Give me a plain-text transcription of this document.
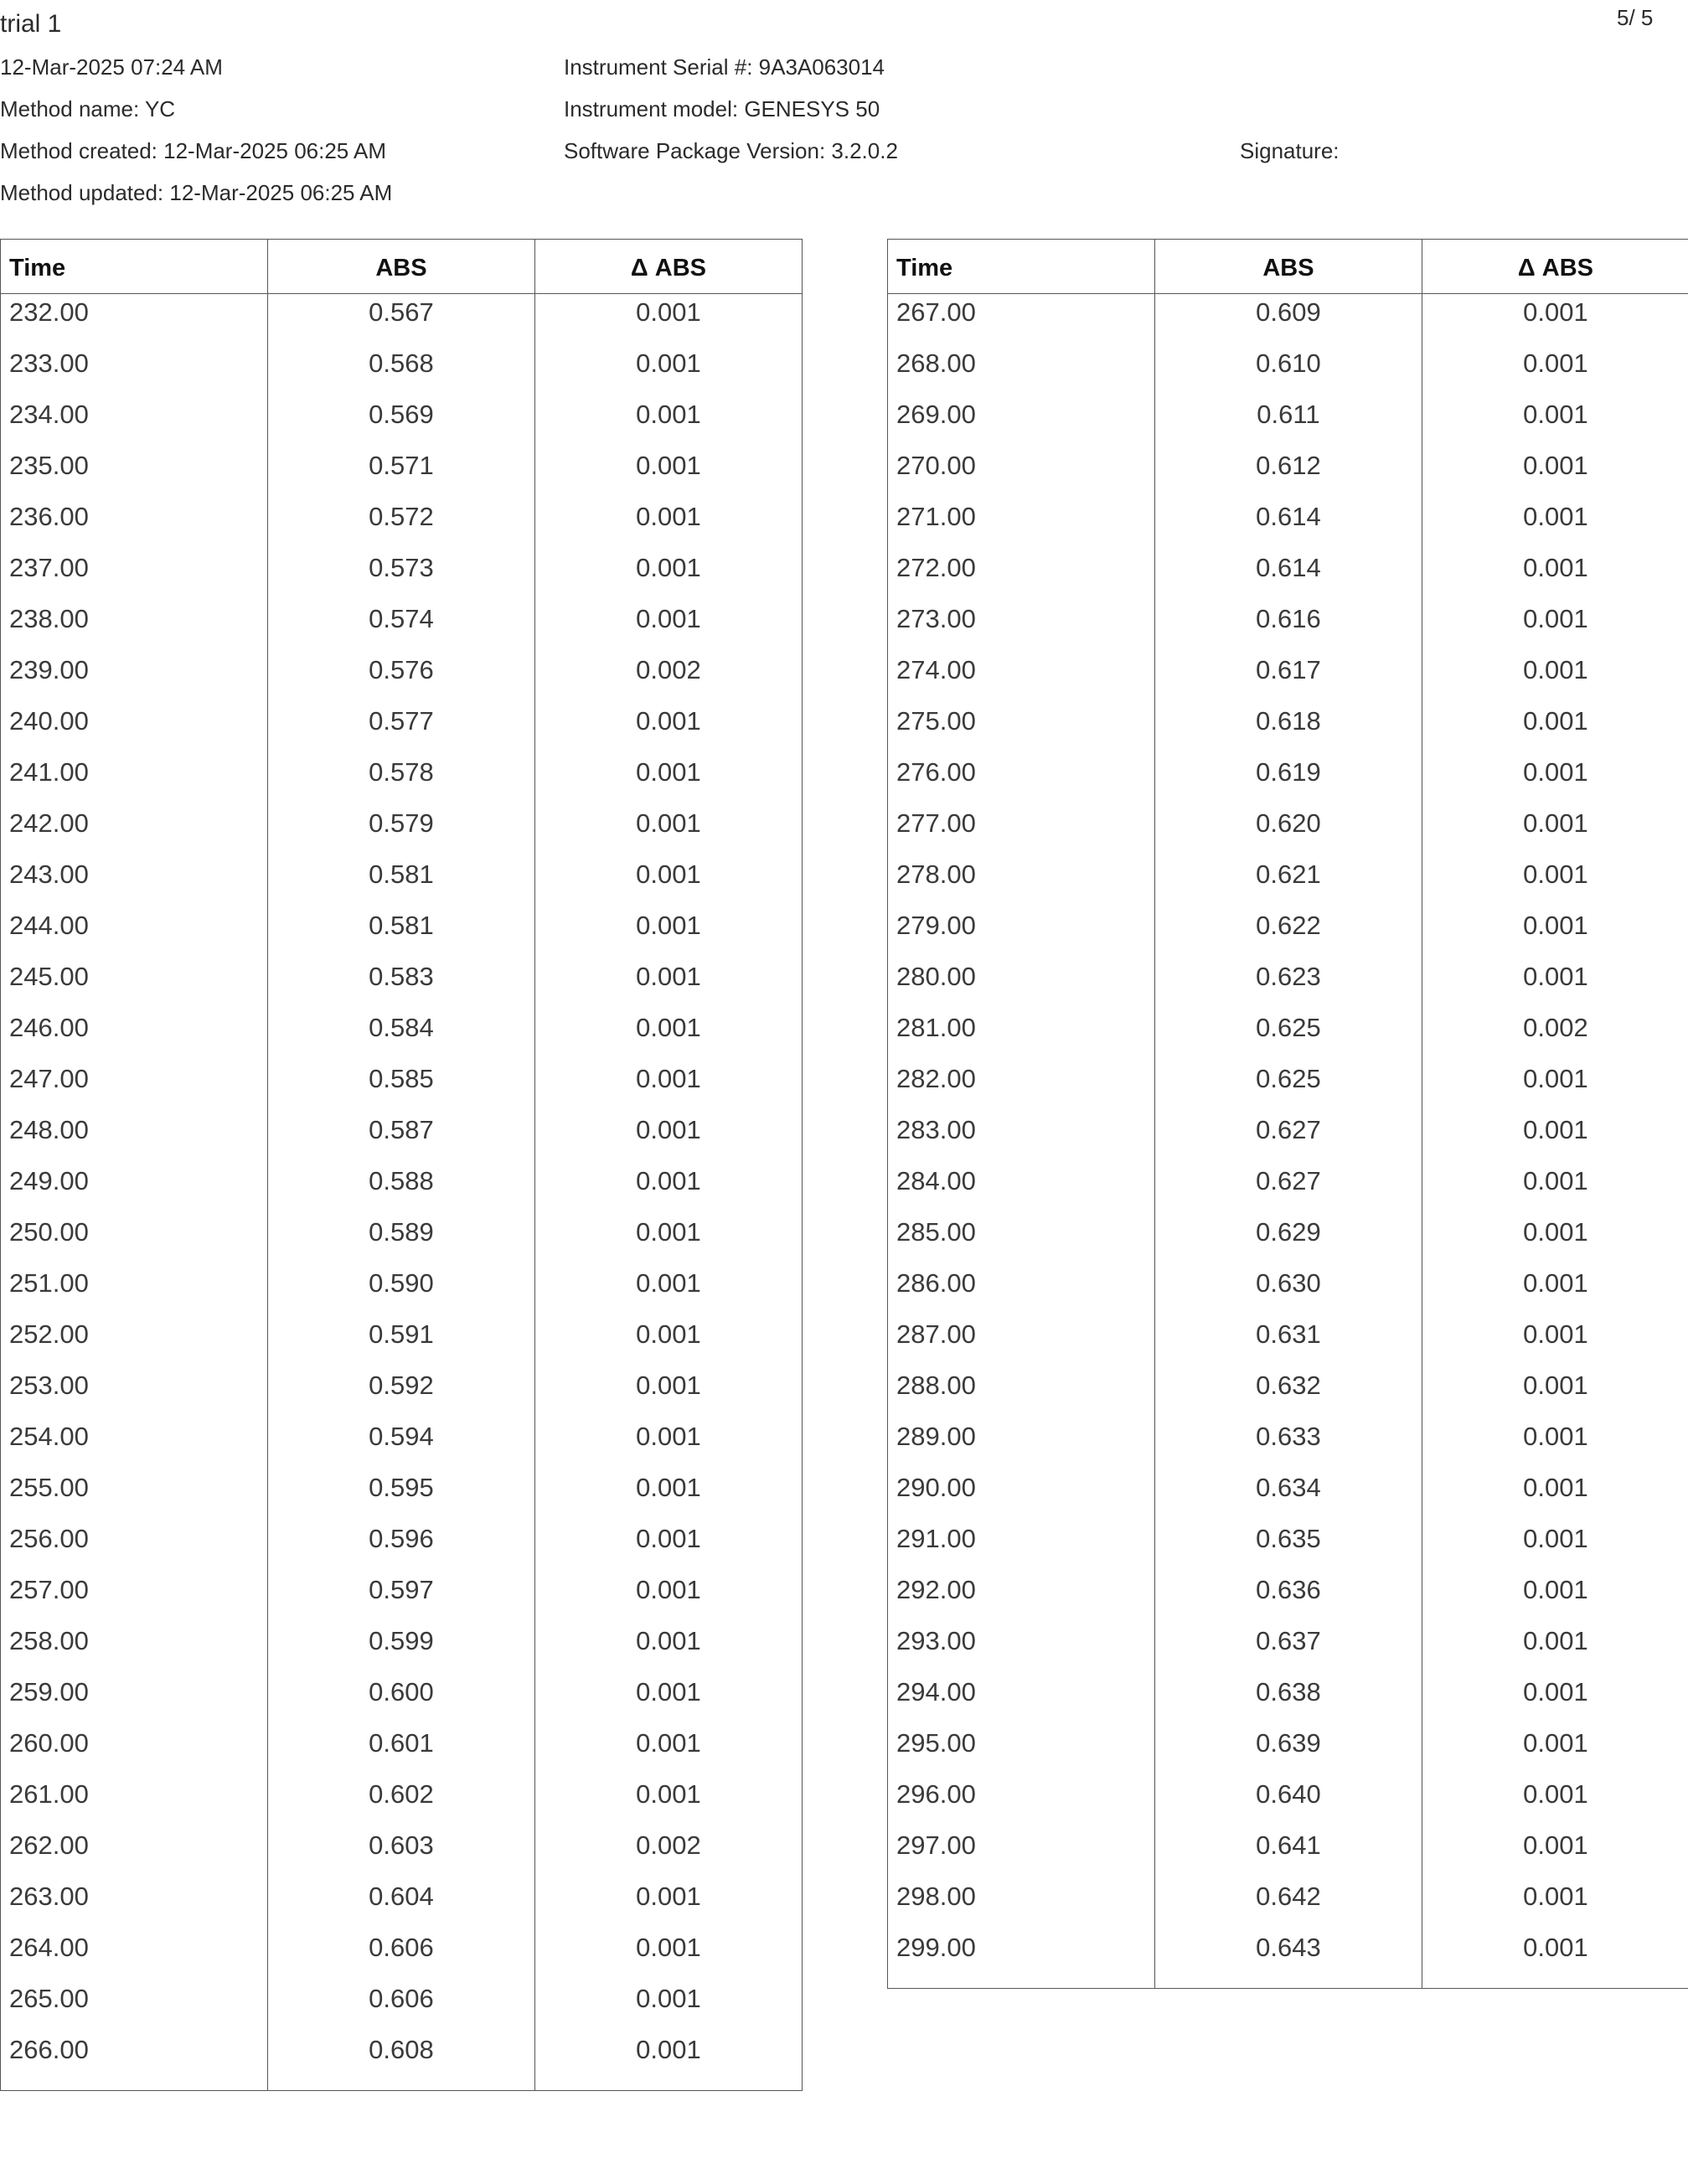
trial 1	5/ 5
12-Mar-2025 07:24 AM
Method name: YC
Method created: 12-Mar-2025 06:25 AM
Method updated: 12-Mar-2025 06:25 AM
Instrument Serial #: 9A3A063014
Instrument model: GENESYS 50
Software Package Version: 3.2.0.2	Signature:
Time	ABS	Δ ABS
232.00	0.567	0.001
233.00	0.568	0.001
234.00	0.569	0.001
235.00	0.571	0.001
236.00	0.572	0.001
237.00	0.573	0.001
238.00	0.574	0.001
239.00	0.576	0.002
240.00	0.577	0.001
241.00	0.578	0.001
242.00	0.579	0.001
243.00	0.581	0.001
244.00	0.581	0.001
245.00	0.583	0.001
246.00	0.584	0.001
247.00	0.585	0.001
248.00	0.587	0.001
249.00	0.588	0.001
250.00	0.589	0.001
251.00	0.590	0.001
252.00	0.591	0.001
253.00	0.592	0.001
254.00	0.594	0.001
255.00	0.595	0.001
256.00	0.596	0.001
257.00	0.597	0.001
258.00	0.599	0.001
259.00	0.600	0.001
260.00	0.601	0.001
261.00	0.602	0.001
262.00	0.603	0.002
263.00	0.604	0.001
264.00	0.606	0.001
265.00	0.606	0.001
266.00	0.608	0.001
Time	ABS	Δ ABS
267.00	0.609	0.001
268.00	0.610	0.001
269.00	0.611	0.001
270.00	0.612	0.001
271.00	0.614	0.001
272.00	0.614	0.001
273.00	0.616	0.001
274.00	0.617	0.001
275.00	0.618	0.001
276.00	0.619	0.001
277.00	0.620	0.001
278.00	0.621	0.001
279.00	0.622	0.001
280.00	0.623	0.001
281.00	0.625	0.002
282.00	0.625	0.001
283.00	0.627	0.001
284.00	0.627	0.001
285.00	0.629	0.001
286.00	0.630	0.001
287.00	0.631	0.001
288.00	0.632	0.001
289.00	0.633	0.001
290.00	0.634	0.001
291.00	0.635	0.001
292.00	0.636	0.001
293.00	0.637	0.001
294.00	0.638	0.001
295.00	0.639	0.001
296.00	0.640	0.001
297.00	0.641	0.001
298.00	0.642	0.001
299.00	0.643	0.001
